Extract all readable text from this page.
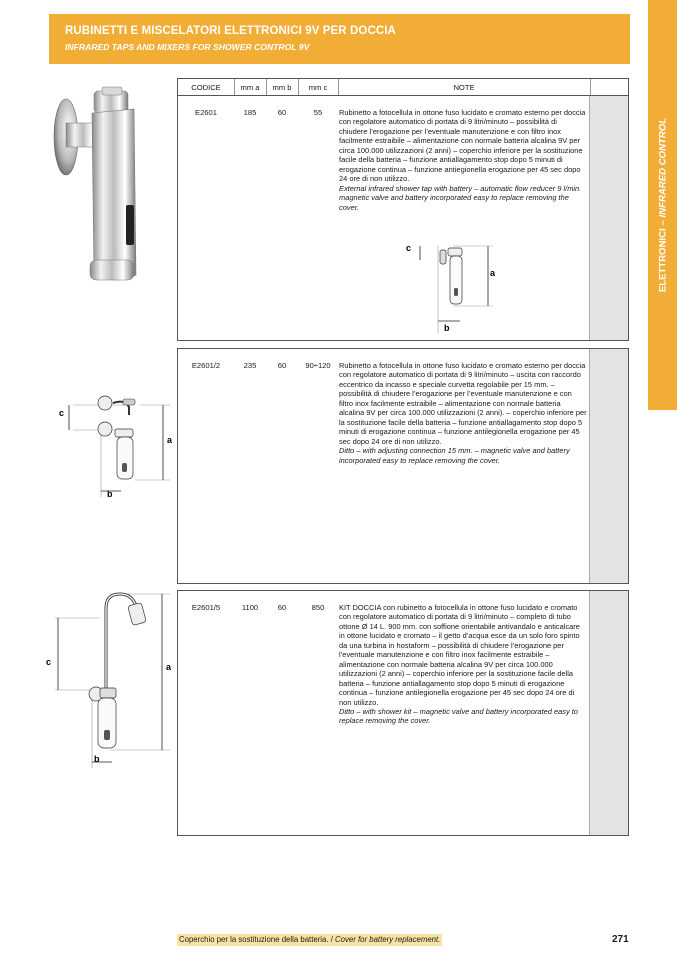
RUBINETTI E MISCELATORI ELETTRONICI 9V PER DOCCIA
INFRARED TAPS AND MIXERS FOR SHOWER CONTROL 9V
ELETTRONICI – INFRARED CONTROL
CODICE	mm a	mm b	mm c	NOTE
E2601	185	60	55	Rubinetto a fotocellula in ottone fuso lucidato e cromato esterno per doccia con regolatore automatico di portata di 9 litri/minuto – possibilità di chiudere l’erogazione per l’eventuale manutenzione e con filtro inox facilmente estraibile – alimentazione con normale batteria alcalina 9V per circa 100.000 utilizzazioni (2 anni) – coperchio inferiore per la sostituzione facile della batteria – funzione antiallagamento stop dopo 5 minuti di erogazione continua – funzione antiegionella erogazione per 45 sec dopo 24 ore di non utilizzo.
External infrared shower tap with battery – automatic flow reducer 9 l/min. magnetic valve and battery incorporated easy to replace removing the cover.
c
a
b
E2601/2	235	60	90÷120	Rubinetto a fotocellula in ottone fuso lucidato e cromato esterno per doccia con regolatore automatico di portata di 9 litri/minuto – uscita con raccordo eccentrico da incasso e speciale curvetta regolabile per 15 mm. – possibilità di chiudere l’erogazione per l’eventuale manutenzione e con filtro inox facilmente estraibile – alimentazione con normale batteria alcalina 9V per circa 100.000 utilizzazioni (2 anni). – coperchio inferiore per la sostituzione facile della batteria – funzione antiallagamento stop dopo 5 minuti di erogazione continua – funzione antilegionella erogazione per 45 sec dopo 24 ore di non utilizzo.
Ditto – with adjusting connection 15 mm. – magnetic valve and battery incorporated easy to replace removing the cover.
E2601/5	1100	60	850	KIT DOCCIA con rubinetto a fotocellula in ottone fuso lucidato e cromato con regolatore automatico di portata di 9 litri/minuto – completo di tubo ottone Ø 14 L. 900 mm. con soffione orientabile antivandalo e anticalcare in ottone lucidato e cromato – il getto d’acqua esce da un solo foro spinto da una turbina in hostaform – possibilità di chiudere l’erogazione per l’eventuale manutenzione e con filtro inox facilmente estraibile – alimentazione con normale batteria alcalina 9V per circa 100.000 utilizzazioni (2 anni) – coperchio inferiore per la sostituzione facile della batteria – funzione antiallagamento stop dopo 5 minuti di erogazione continua – funzione antilegionella erogazione per 45 sec dopo 24 ore di non utilizzo.
Ditto – with shower kit – magnetic valve and battery incorporated easy to replace removing the cover.
c
a
b
c	a
b
Coperchio per la sostituzione della batteria. / Cover for battery replacement.	271
